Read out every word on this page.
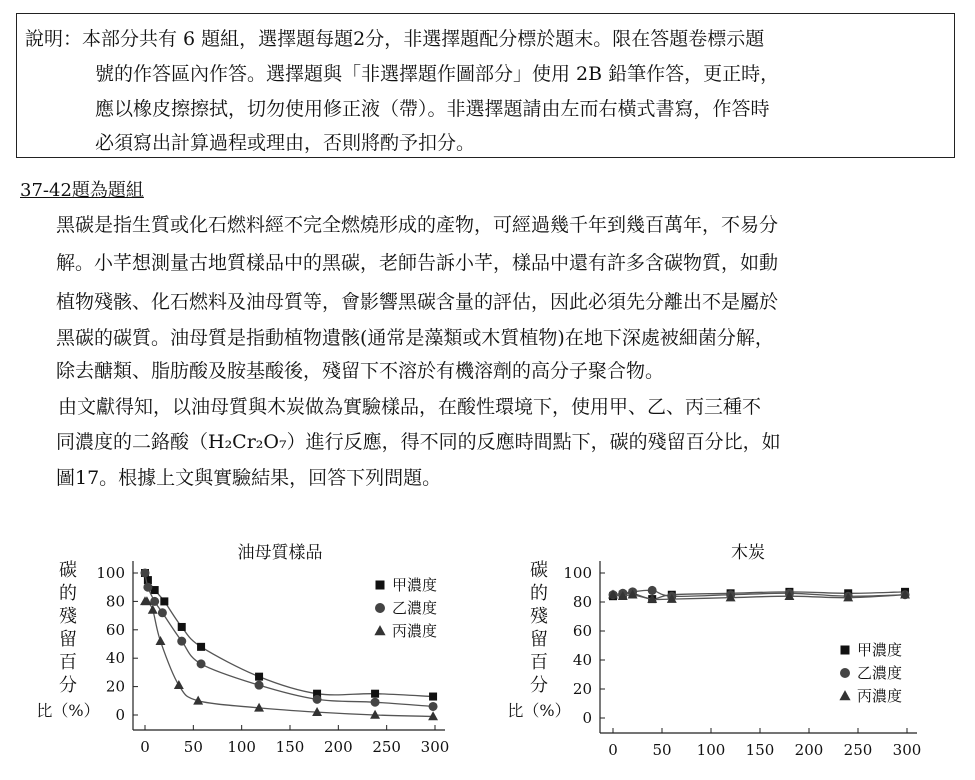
說明：本部分共有 6 題組，選擇題每題2分，非選擇題配分標於題末。限在答題卷標示題
號的作答區內作答。選擇題與「非選擇題作圖部分」使用 2B 鉛筆作答，更正時，
應以橡皮擦擦拭，切勿使用修正液（帶）。非選擇題請由左而右橫式書寫，作答時
必須寫出計算過程或理由，否則將酌予扣分。
37-42題為題組
黑碳是指生質或化石燃料經不完全燃燒形成的產物，可經過幾千年到幾百萬年，不易分
解。小芊想測量古地質樣品中的黑碳，老師告訴小芊，樣品中還有許多含碳物質，如動
植物殘骸、化石燃料及油母質等，會影響黑碳含量的評估，因此必須先分離出不是屬於
黑碳的碳質。油母質是指動植物遺骸(通常是藻類或木質植物)在地下深處被細菌分解，
除去醣類、脂肪酸及胺基酸後，殘留下不溶於有機溶劑的高分子聚合物。
由文獻得知，以油母質與木炭做為實驗樣品，在酸性環境下，使用甲、乙、丙三種不
同濃度的二鉻酸（H₂Cr₂O₇）進行反應，得不同的反應時間點下，碳的殘留百分比，如
圖17。根據上文與實驗結果，回答下列問題。
油母質樣品
碳
的
殘
留
百
分
比（%） 0
20
40
60
80
100
0 50 100 150 200 250 300
甲濃度
乙濃度
丙濃度
木炭
碳
的
殘
留
百
分
比（%） 0
20
40
60
80
100
0 50 100 150 200 250 300
甲濃度
乙濃度
丙濃度
